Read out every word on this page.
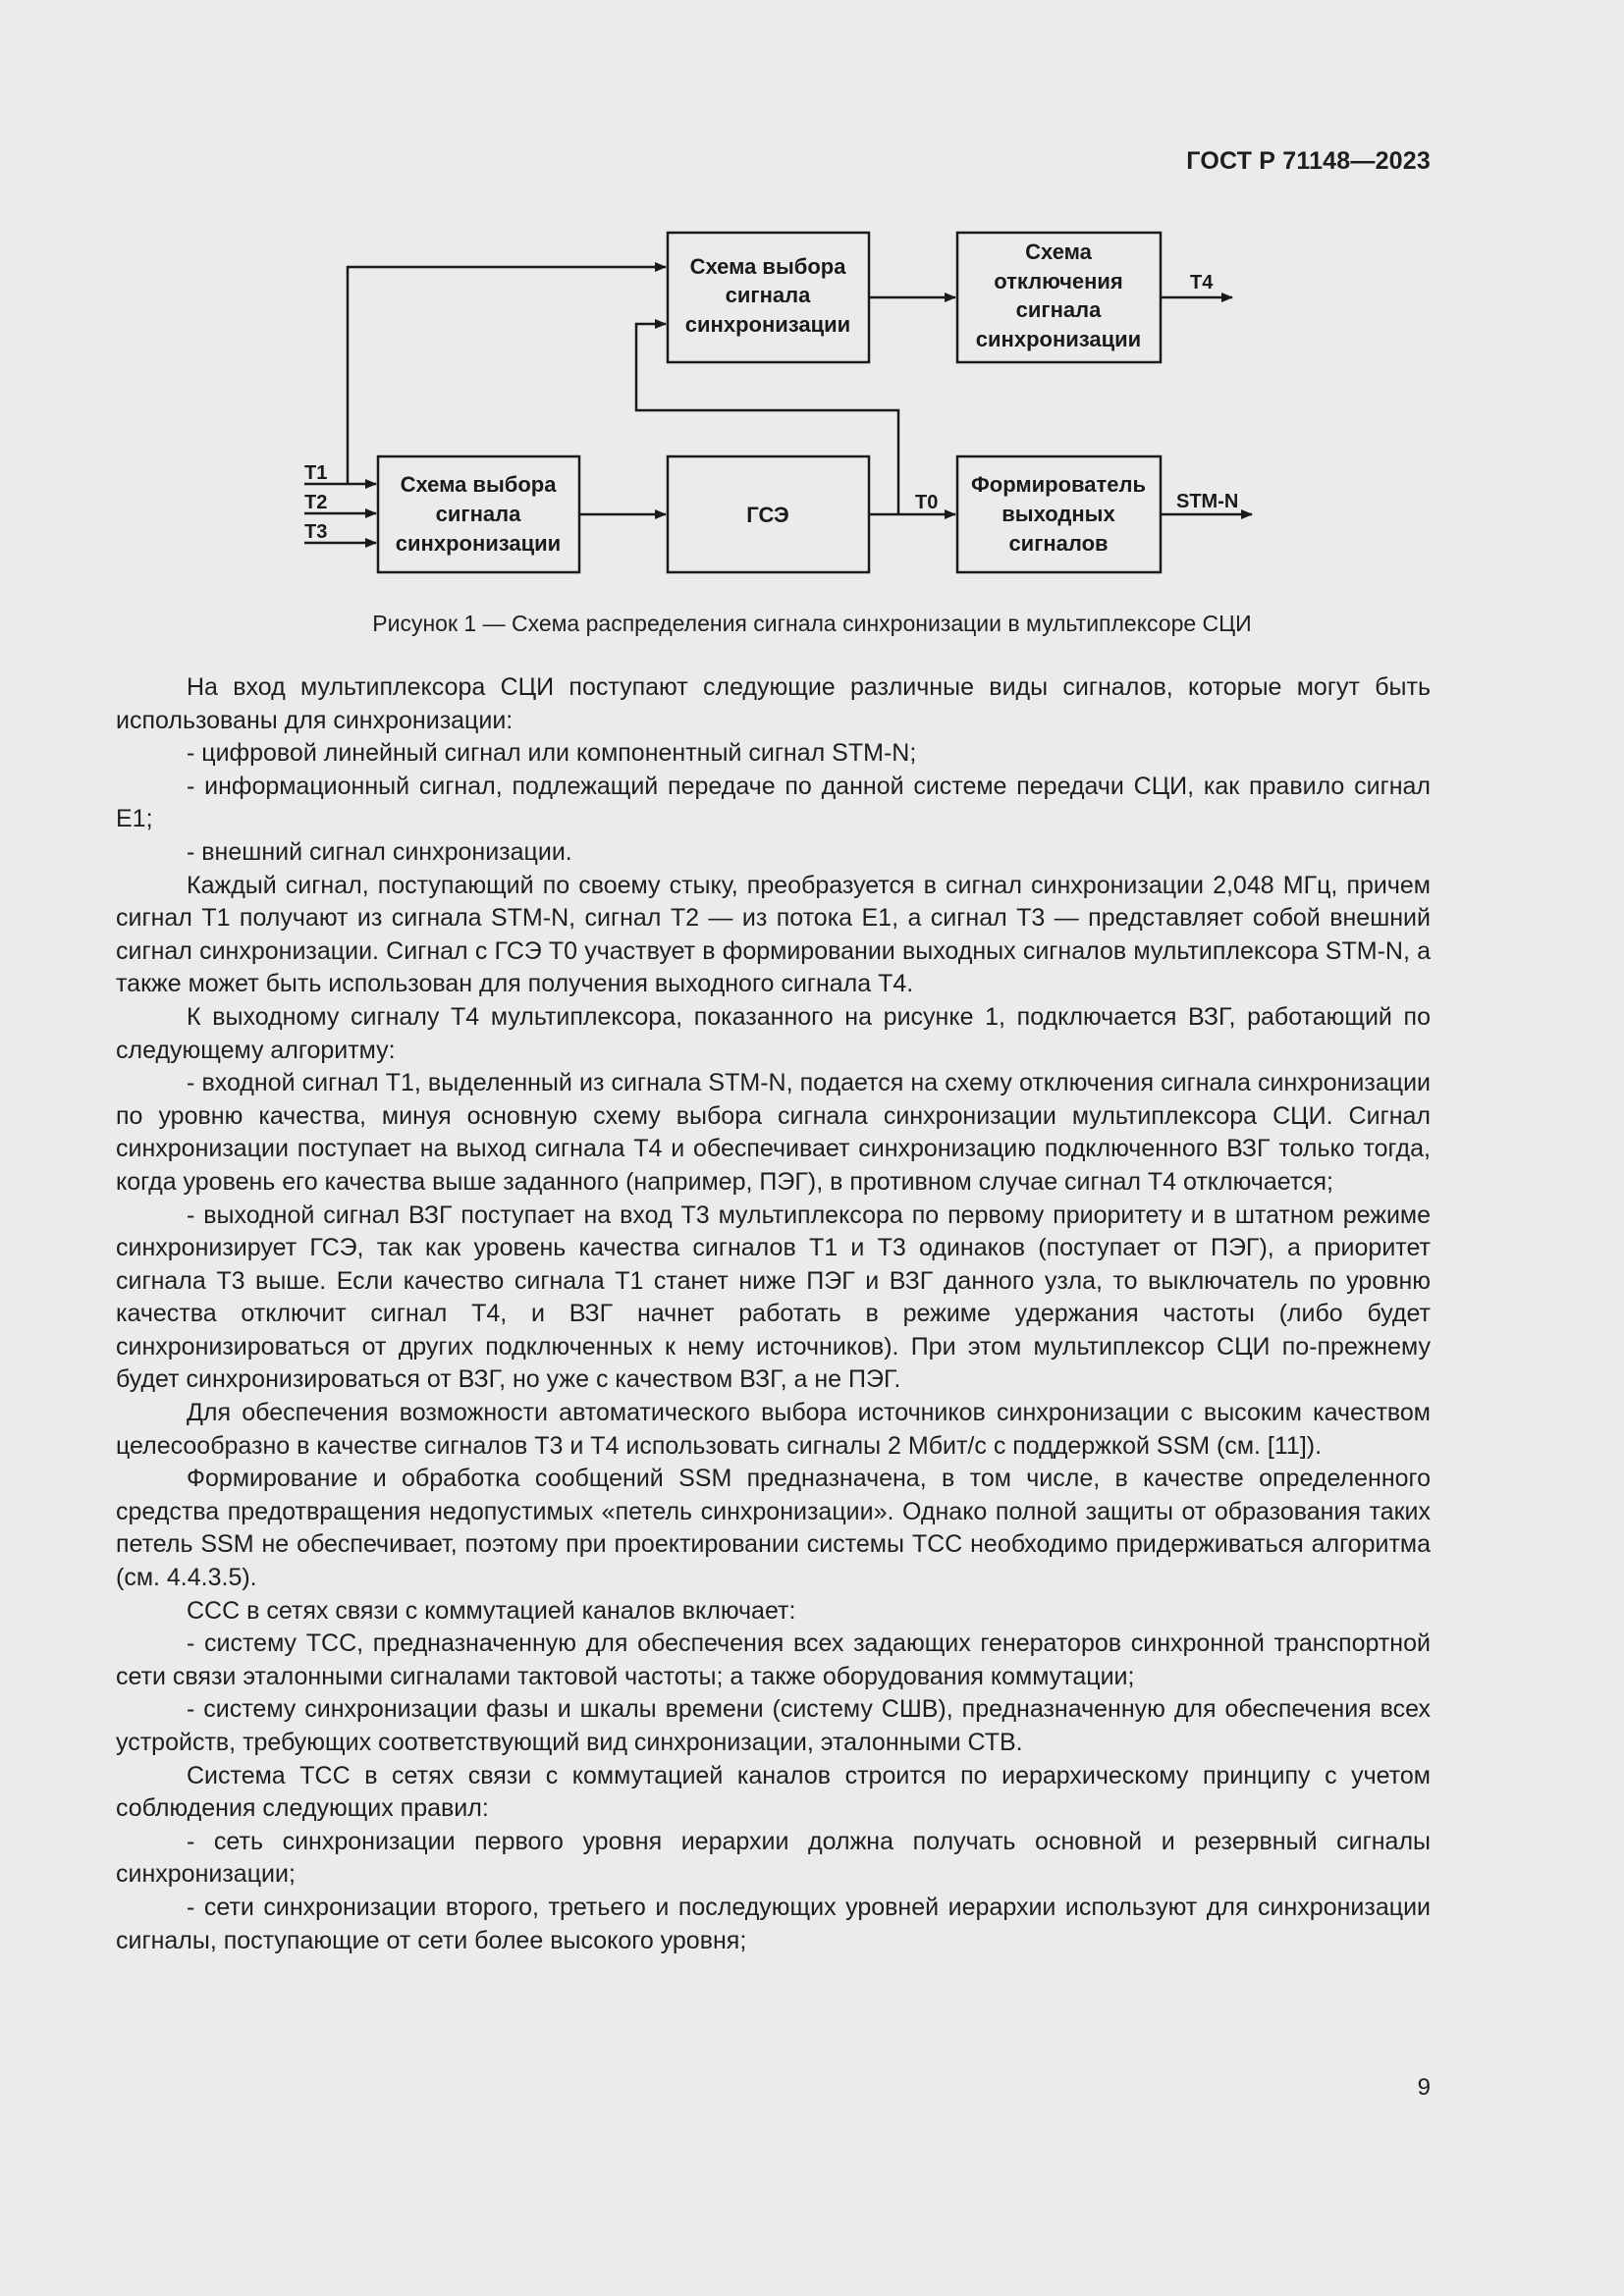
ГОСТ Р 71148—2023
Схема выбора
сигнала
синхронизации
Схема
отключения
сигнала
синхронизации
Схема выбора
сигнала
синхронизации
ГСЭ
Формирователь
выходных
сигналов
T1
T2
T3
T0
T4
STM-N
Рисунок 1 — Схема распределения сигнала синхронизации в мультиплексоре СЦИ

На вход мультиплексора СЦИ поступают следующие различные виды сигналов, которые могут быть использованы для синхронизации:

- цифровой линейный сигнал или компонентный сигнал STM-N;

- информационный сигнал, подлежащий передаче по данной системе передачи СЦИ, как правило сигнал Е1;

- внешний сигнал синхронизации.

Каждый сигнал, поступающий по своему стыку, преобразуется в сигнал синхронизации 2,048 МГц, причем сигнал Т1 получают из сигнала STM-N, сигнал Т2 — из потока Е1, а сигнал Т3 — представляет собой внешний сигнал синхронизации. Сигнал с ГСЭ Т0 участвует в формировании выходных сигналов мультиплексора STM-N, а также может быть использован для получения выходного сигнала Т4.

К выходному сигналу Т4 мультиплексора, показанного на рисунке 1, подключается ВЗГ, работающий по следующему алгоритму:

- входной сигнал Т1, выделенный из сигнала STM-N, подается на схему отключения сигнала синхронизации по уровню качества, минуя основную схему выбора сигнала синхронизации мультиплексора СЦИ. Сигнал синхронизации поступает на выход сигнала Т4 и обеспечивает синхронизацию подключенного ВЗГ только тогда, когда уровень его качества выше заданного (например, ПЭГ), в противном случае сигнал Т4 отключается;

- выходной сигнал ВЗГ поступает на вход Т3 мультиплексора по первому приоритету и в штатном режиме синхронизирует ГСЭ, так как уровень качества сигналов Т1 и Т3 одинаков (поступает от ПЭГ), а приоритет сигнала Т3 выше. Если качество сигнала Т1 станет ниже ПЭГ и ВЗГ данного узла, то выключатель по уровню качества отключит сигнал Т4, и ВЗГ начнет работать в режиме удержания частоты (либо будет синхронизироваться от других подключенных к нему источников). При этом мультиплексор СЦИ по-прежнему будет синхронизироваться от ВЗГ, но уже с качеством ВЗГ, а не ПЭГ.

Для обеспечения возможности автоматического выбора источников синхронизации с высоким качеством целесообразно в качестве сигналов Т3 и Т4 использовать сигналы 2 Мбит/с с поддержкой SSM (см. [11]).

Формирование и обработка сообщений SSM предназначена, в том числе, в качестве определенного средства предотвращения недопустимых «петель синхронизации». Однако полной защиты от образования таких петель SSM не обеспечивает, поэтому при проектировании системы ТСС необходимо придерживаться алгоритма (см. 4.4.3.5).

ССС в сетях связи с коммутацией каналов включает:

- систему ТСС, предназначенную для обеспечения всех задающих генераторов синхронной транспортной сети связи эталонными сигналами тактовой частоты; а также оборудования коммутации;

- систему синхронизации фазы и шкалы времени (систему СШВ), предназначенную для обеспечения всех устройств, требующих соответствующий вид синхронизации, эталонными СТВ.

Система ТСС в сетях связи с коммутацией каналов строится по иерархическому принципу с учетом соблюдения следующих правил:

- сеть синхронизации первого уровня иерархии должна получать основной и резервный сигналы синхронизации;

- сети синхронизации второго, третьего и последующих уровней иерархии используют для синхронизации сигналы, поступающие от сети более высокого уровня;

9
